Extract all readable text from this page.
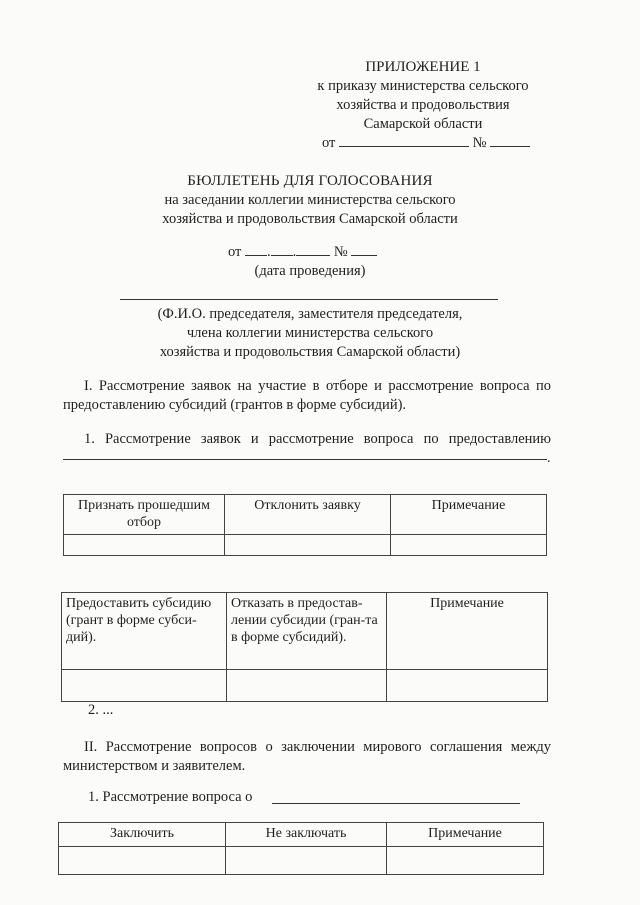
ПРИЛОЖЕНИЕ 1
к приказу министерства сельского
хозяйства и продовольствия
Самарской области
от	№
БЮЛЛЕТЕНЬ ДЛЯ ГОЛОСОВАНИЯ
на заседании коллегии министерства сельского
хозяйства и продовольствия Самарской области
от . .	№
(дата проведения)
(Ф.И.О. председателя, заместителя председателя,
члена коллегии министерства сельского
хозяйства и продовольствия Самарской области)
I. Рассмотрение заявок на участие в отборе и рассмотрение вопроса по предоставлению субсидий (грантов в форме субсидий).
1. Рассмотрение заявок и рассмотрение вопроса по предоставлению
.
Признать прошедшим отбор	Отклонить заявку	Примечание

Предоставить субсидию (грант в форме субси-дий).	Отказать в предостав-лении субсидии (гран-та в форме субсидий).	Примечание

2. ...
II. Рассмотрение вопросов о заключении мирового соглашения между министерством и заявителем.
1. Рассмотрение вопроса о
Заключить	Не заключать	Примечание
